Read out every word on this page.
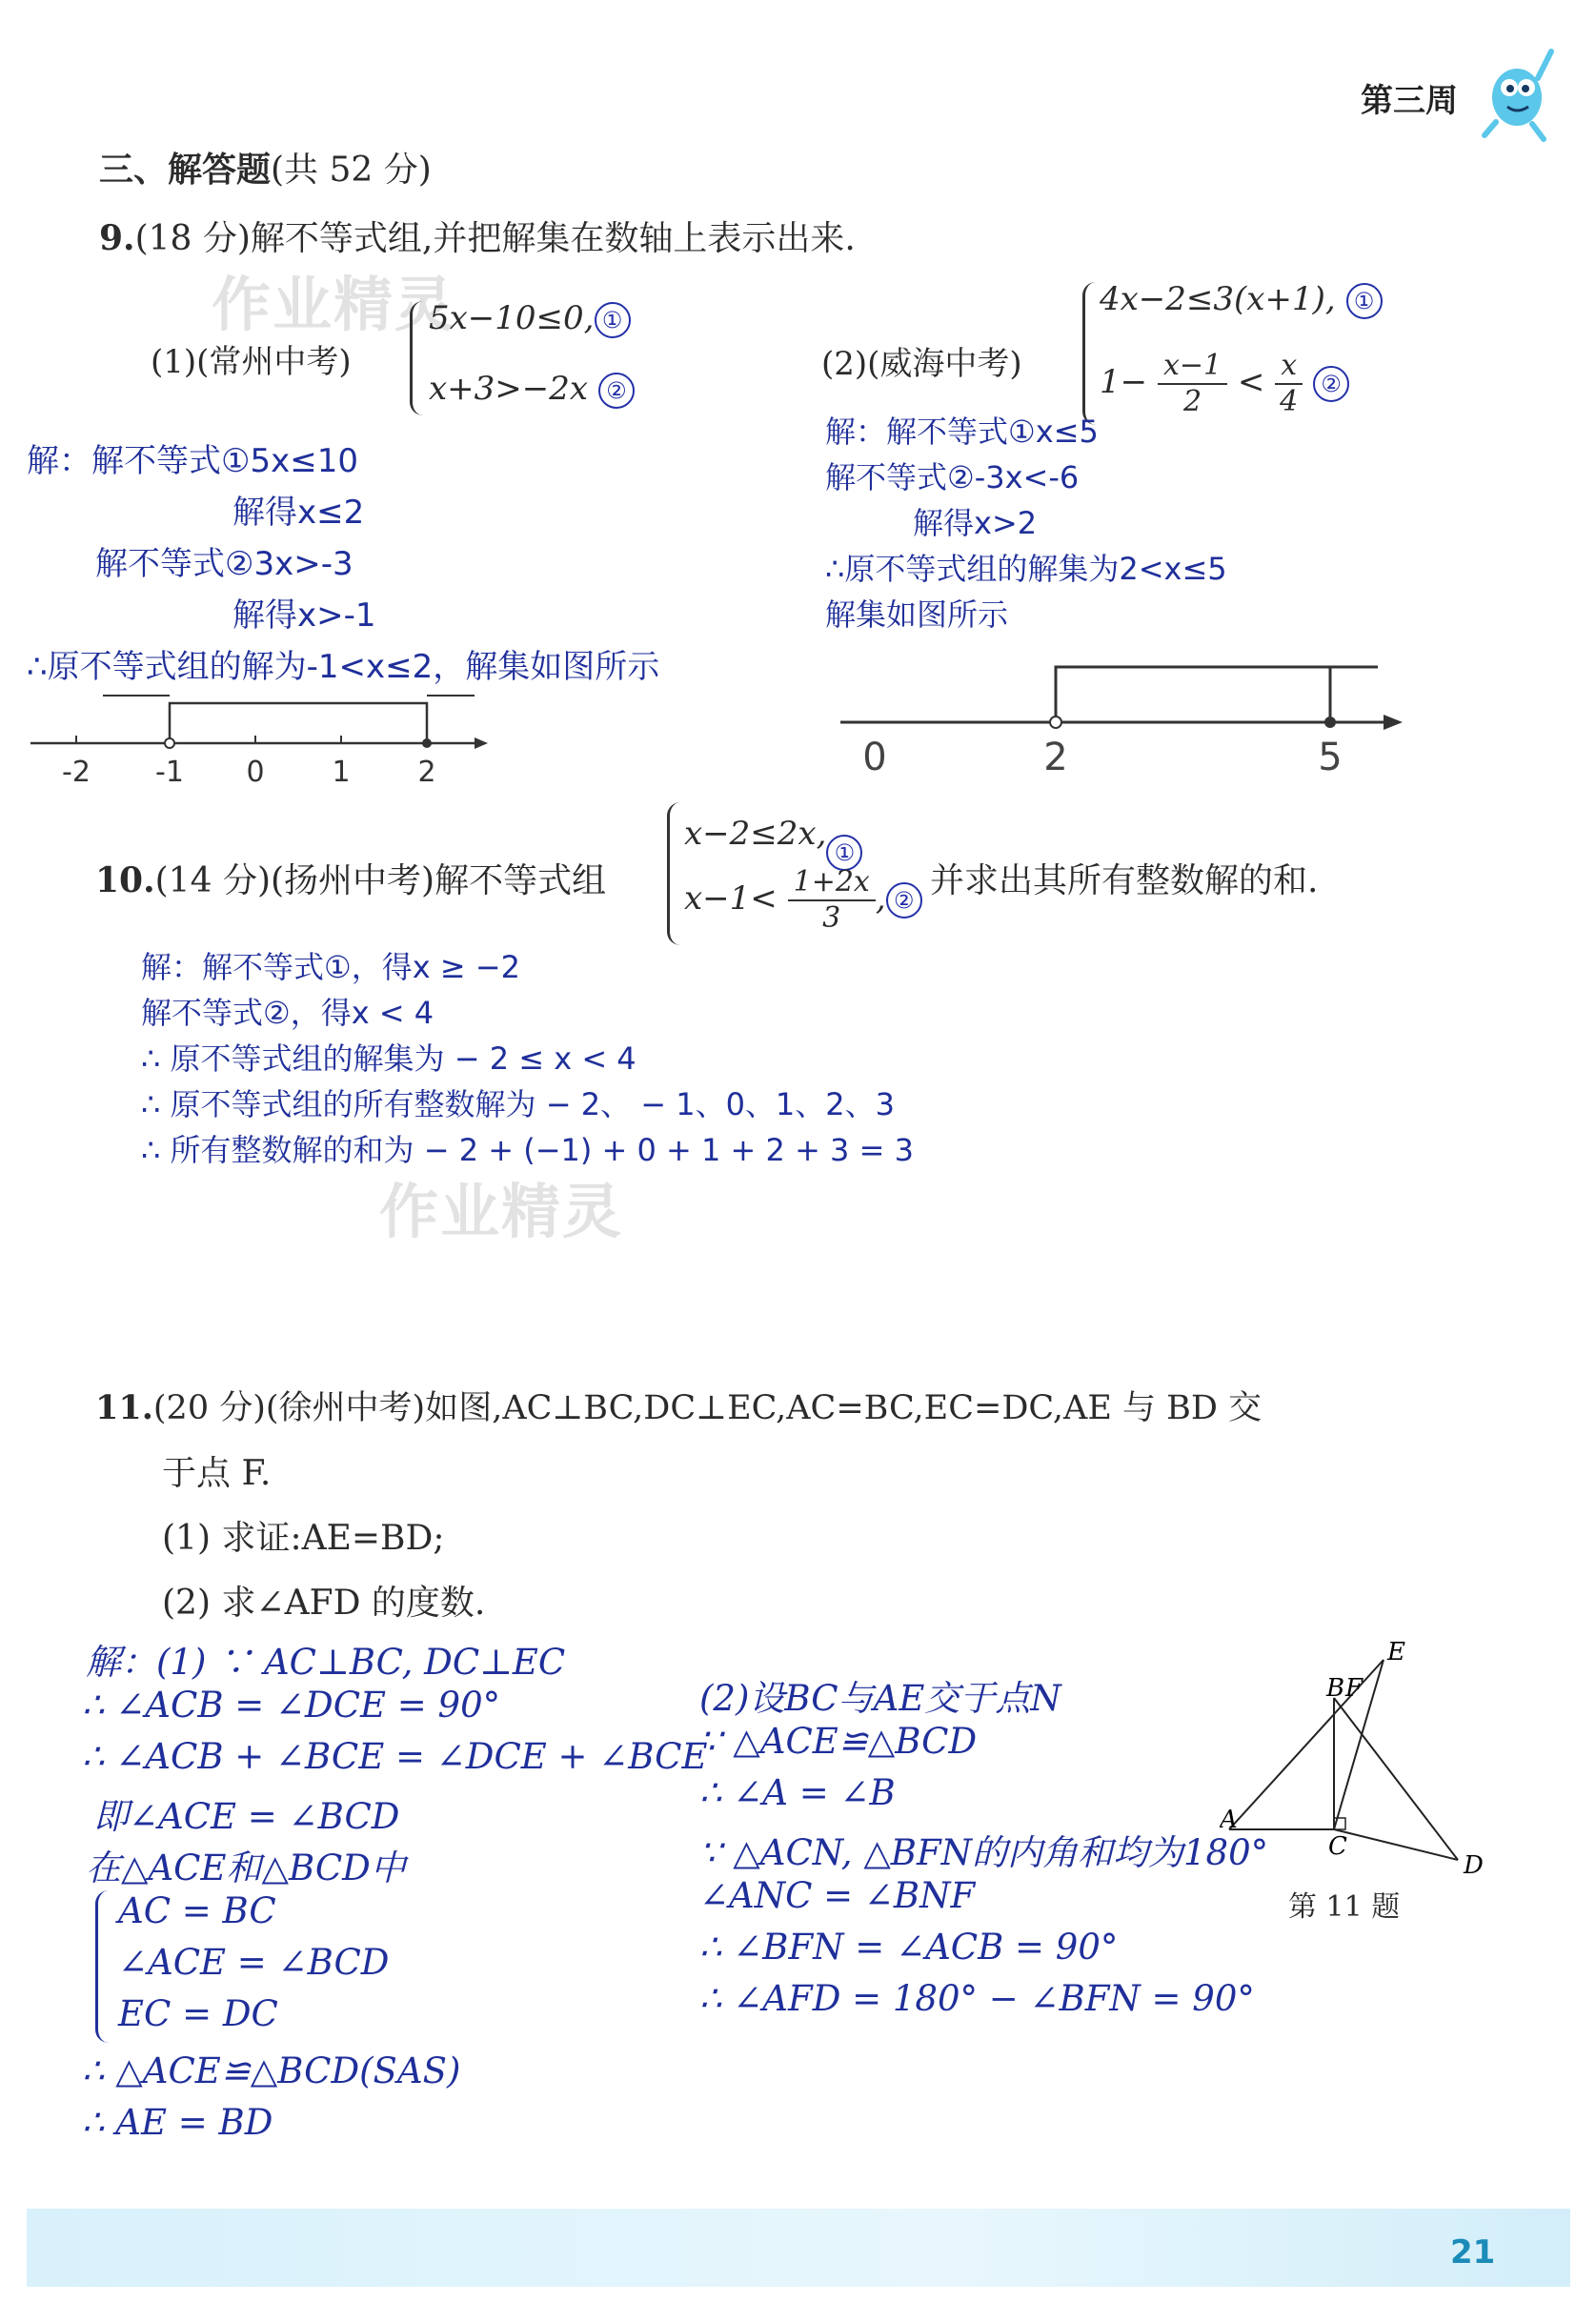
第三周
三、解答题(共 52 分)
9.(18 分)解不等式组,并把解集在数轴上表示出来.
作业精灵
(1)(常州中考)
5x−10≤0, ①
x+3>−2x ②
(2)(威海中考)
4x−2≤3(x+1), ①
$1- \frac{x-1}{2} < \frac{x}{4}$ ②
解：解不等式①5x≤10
解得x≤2
解不等式②3x>-3
解得x>-1
∴原不等式组的解为-1<x≤2，解集如图所示
-2 -1 0 1 2
解：解不等式①x≤5
解不等式②-3x<-6
解得x>2
∴原不等式组的解集为2<x≤5
解集如图所示
0	2	5
10.(14 分)(扬州中考)解不等式组
x−2≤2x, ①
$x-1< \frac{1+2x}{3}$ , ② 并求出其所有整数解的和.
解：解不等式①，得x ≥ −2
解不等式②，得x < 4
∴ 原不等式组的解集为 − 2 ≤ x < 4
∴ 原不等式组的所有整数解为 − 2、 − 1、0、1、2、3
∴ 所有整数解的和为 − 2 + (−1) + 0 + 1 + 2 + 3 = 3
作业精灵
11.(20 分)(徐州中考)如图,AC⊥BC,DC⊥EC,AC=BC,EC=DC,AE 与 BD 交
于点 F.
(1) 求证:AE=BD;
(2) 求∠AFD 的度数.
解：(1) ∵ AC⊥BC, DC⊥EC
∴ ∠ACB = ∠DCE = 90°
∴ ∠ACB + ∠BCE = ∠DCE + ∠BCE
即∠ACE = ∠BCD
在△ACE和△BCD中
AC = BC
∠ACE = ∠BCD
EC = DC
∴ △ACE≌△BCD(SAS)
∴ AE = BD
(2)设BC与AE交于点N
∵ △ACE≌△BCD
∴ ∠A = ∠B
∵ △ACN, △BFN的内角和均为180°
∠ANC = ∠BNF
∴ ∠BFN = ∠ACB = 90°
∴ ∠AFD = 180° − ∠BFN = 90°
A
B F
C
D
E
第 11 题
21
